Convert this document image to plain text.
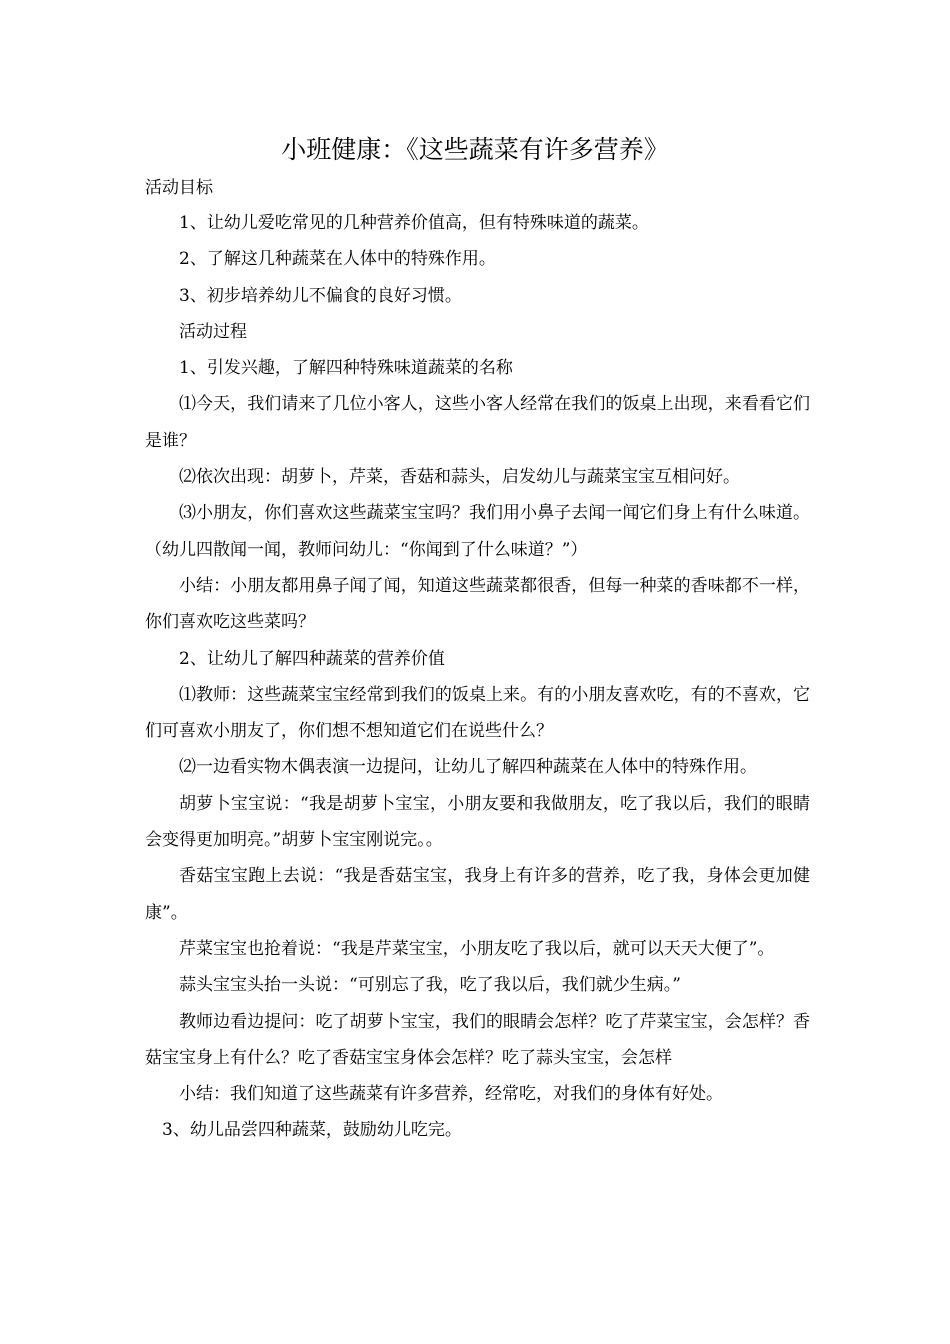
小班健康：《这些蔬菜有许多营养》
活动目标

1、让幼儿爱吃常见的几种营养价值高，但有特殊味道的蔬菜。

2、了解这几种蔬菜在人体中的特殊作用。

3、初步培养幼儿不偏食的良好习惯。

活动过程

1、引发兴趣，了解四种特殊味道蔬菜的名称

⑴今天，我们请来了几位小客人，这些小客人经常在我们的饭桌上出现，来看看它们是谁？

⑵依次出现：胡萝卜，芹菜，香菇和蒜头，启发幼儿与蔬菜宝宝互相问好。

⑶小朋友，你们喜欢这些蔬菜宝宝吗？我们用小鼻子去闻一闻它们身上有什么味道。（幼儿四散闻一闻，教师问幼儿：“你闻到了什么味道？”）

小结：小朋友都用鼻子闻了闻，知道这些蔬菜都很香，但每一种菜的香味都不一样，你们喜欢吃这些菜吗？

2、让幼儿了解四种蔬菜的营养价值

⑴教师：这些蔬菜宝宝经常到我们的饭桌上来。有的小朋友喜欢吃，有的不喜欢，它们可喜欢小朋友了，你们想不想知道它们在说些什么？

⑵一边看实物木偶表演一边提问，让幼儿了解四种蔬菜在人体中的特殊作用。

胡萝卜宝宝说：“我是胡萝卜宝宝，小朋友要和我做朋友，吃了我以后，我们的眼睛会变得更加明亮。”胡萝卜宝宝刚说完。。

香菇宝宝跑上去说：“我是香菇宝宝，我身上有许多的营养，吃了我，身体会更加健康”。

芹菜宝宝也抢着说：“我是芹菜宝宝，小朋友吃了我以后，就可以天天大便了”。

蒜头宝宝头抬一头说：“可别忘了我，吃了我以后，我们就少生病。”

教师边看边提问：吃了胡萝卜宝宝，我们的眼睛会怎样？吃了芹菜宝宝，会怎样？香菇宝宝身上有什么？吃了香菇宝宝身体会怎样？吃了蒜头宝宝，会怎样

小结：我们知道了这些蔬菜有许多营养，经常吃，对我们的身体有好处。

3、幼儿品尝四种蔬菜，鼓励幼儿吃完。
